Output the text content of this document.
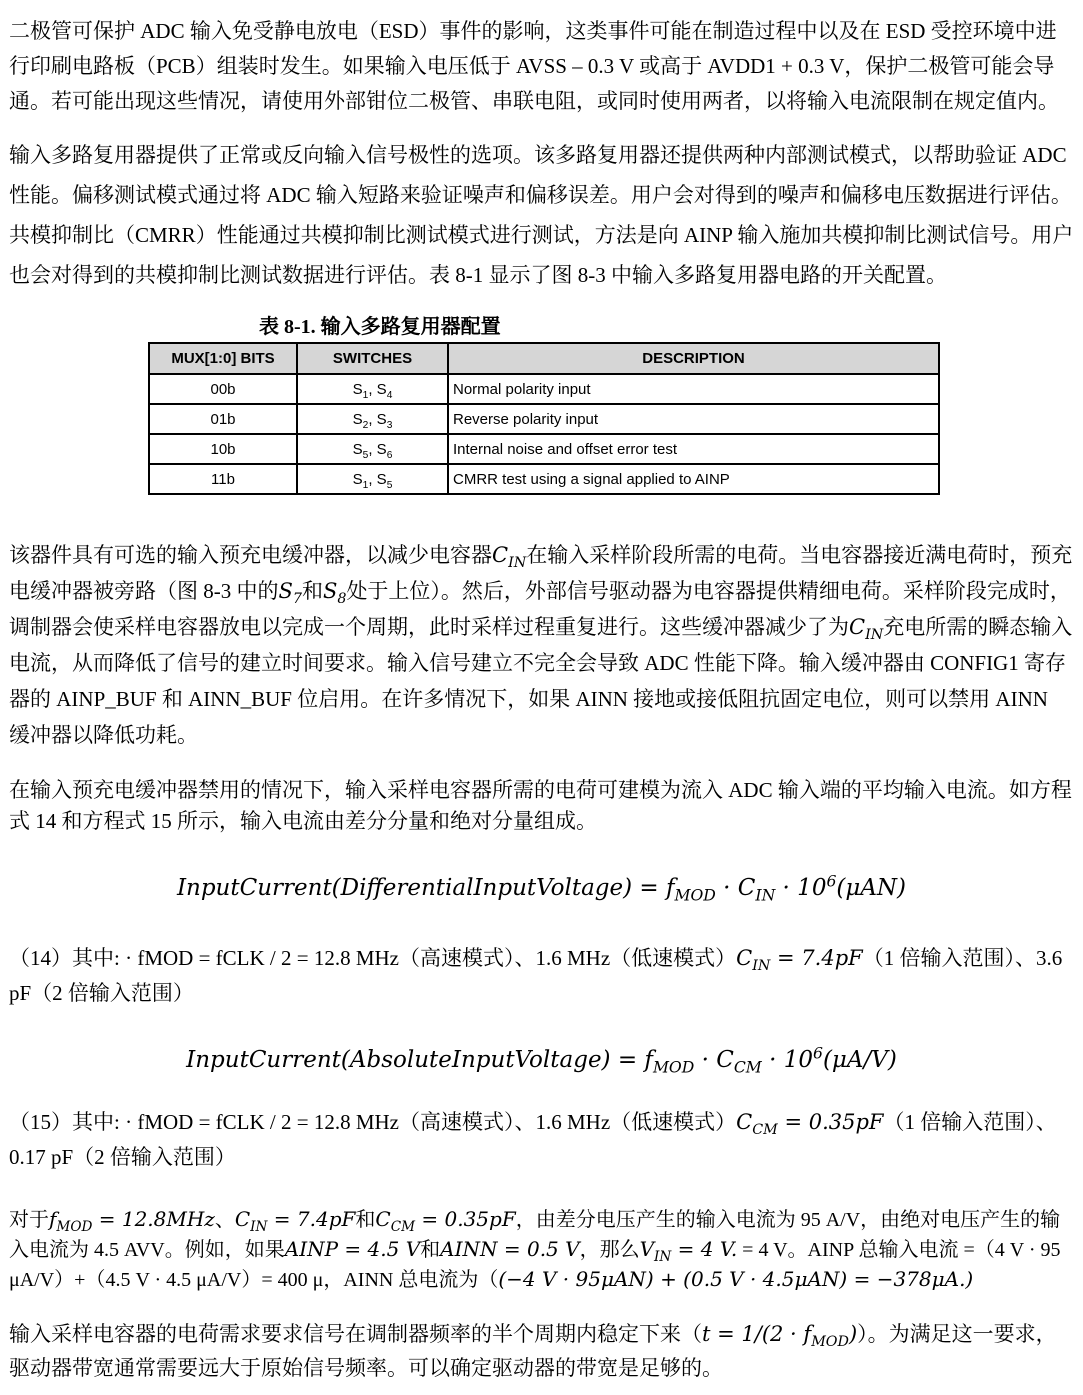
二极管可保护 ADC 输入免受静电放电（ESD）事件的影响，这类事件可能在制造过程中以及在 ESD 受控环境中进行印刷电路板（PCB）组装时发生。如果输入电压低于 AVSS – 0.3 V 或高于 AVDD1 + 0.3 V，保护二极管可能会导通。若可能出现这些情况，请使用外部钳位二极管、串联电阻，或同时使用两者，以将输入电流限制在规定值内。

输入多路复用器提供了正常或反向输入信号极性的选项。该多路复用器还提供两种内部测试模式，以帮助验证 ADC 性能。偏移测试模式通过将 ADC 输入短路来验证噪声和偏移误差。用户会对得到的噪声和偏移电压数据进行评估。共模抑制比（CMRR）性能通过共模抑制比测试模式进行测试，方法是向 AINP 输入施加共模抑制比测试信号。用户也会对得到的共模抑制比测试数据进行评估。表 8-1 显示了图 8-3 中输入多路复用器电路的开关配置。

表 8-1. 输入多路复用器配置
MUX[1:0] BITS	SWITCHES	DESCRIPTION
00b	$S_1$, $S_4$	Normal polarity input
01b	$S_2$, $S_3$	Reverse polarity input
10b	$S_5$, $S_6$	Internal noise and offset error test
11b	$S_1$, $S_5$	CMRR test using a signal applied to AINP

该器件具有可选的输入预充电缓冲器，以减少电容器$C_{IN}$在输入采样阶段所需的电荷。当电容器接近满电荷时，预充电缓冲器被旁路（图 8-3 中的$S_7$和$S_8$处于上位）。然后，外部信号驱动器为电容器提供精细电荷。采样阶段完成时，调制器会使采样电容器放电以完成一个周期，此时采样过程重复进行。这些缓冲器减少了为$C_{IN}$充电所需的瞬态输入电流，从而降低了信号的建立时间要求。输入信号建立不完全会导致 ADC 性能下降。输入缓冲器由 CONFIG1 寄存器的 AINP_BUF 和 AINN_BUF 位启用。在许多情况下，如果 AINN 接地或接低阻抗固定电位，则可以禁用 AINN 缓冲器以降低功耗。

在输入预充电缓冲器禁用的情况下，输入采样电容器所需的电荷可建模为流入 ADC 输入端的平均输入电流。如方程式 14 和方程式 15 所示，输入电流由差分分量和绝对分量组成。

InputCurrent(DifferentialInputVoltage) = $f_{MOD} \cdot C_{IN} \cdot 10^6(\mu AN)$

（14）其中: · fMOD = fCLK / 2 = 12.8 MHz（高速模式）、1.6 MHz（低速模式）$C_{IN} = 7.4pF(1$ 倍输入范围）、3.6 pF（2 倍输入范围）

InputCurrent(AbsoluteInputVoltage) = $f_{MOD} \cdot C_{CM} \cdot 10^6(\mu A/V)$

（15）其中: · fMOD = fCLK / 2 = 12.8 MHz（高速模式）、1.6 MHz（低速模式）$C_{CM} = 0.35pF(1$ 倍输入范围）、0.17 pF（2 倍输入范围）

对于$f_{MOD} = 12.8MHz$、$C_{IN} = 7.4pF$和$C_{CM} = 0.35pF$，由差分电压产生的输入电流为 95 A/V，由绝对电压产生的输入电流为 4.5 AVV。例如，如果AINP = 4.5 V和AINN = 0.5 V，那么$V_{IN} = 4$ V. = 4 V。AINP 总输入电流 =（4 V · 95 μA/V）+（4.5 V · 4.5 μA/V）= 400 μ，AINN 总电流为（(−4 V · 95μAN) + (0.5 V · 4.5μAN) = −378μA.)

输入采样电容器的电荷需求要求信号在调制器频率的半个周期内稳定下来$(t = 1/(2 \cdot f_{MOD}))$。为满足这一要求，驱动器带宽通常需要远大于原始信号频率。可以确定驱动器的带宽是足够的。
